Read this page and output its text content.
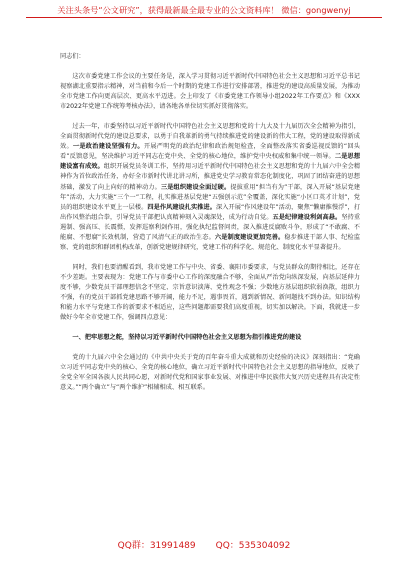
关注头条号“公文研究”，获得最新最全最专业的公文资料库！ 微信：gongwenyj

同志们：

这次市委党建工作会议的主要任务是，深入学习贯彻习近平新时代中国特色社会主义思想和习近平总书记视察湖北重要指示精神，对当前和今后一个时期的党建工作进行安排部署，推进党的建设高质量发展，为推动全市党建工作向更高层次、更高水平迈进。会上印发了《市委党建工作领导小组2022年工作要点》和《XXX市2022年党建工作统筹考核办法》，请各地各单位切实抓好贯彻落实。

过去一年，市委坚持以习近平新时代中国特色社会主义思想和党的十九大及十九届历次全会精神为指引，全面贯彻新时代党的建设总要求，以勇于自我革新的勇气持续推进党的建设新的伟大工程，党的建设取得新成效。一是政治建设坚强有力。开展严明党的政治纪律和政治规矩检查，全面整改落实省委巡视反馈的“回头看”反馈意见，坚决维护习近平同志在党中央、全党的核心地位，维护党中央权威和集中统一领导。二是思想建设富有成效。组织开展党员冬训工作，坚持用习近平新时代中国特色社会主义思想和党的十九届六中全会精神作为首位政治任务，办好全市新时代讲北讲习所，推进党史学习教育常态化制度化，巩固了团结奋进的思想基础，激发了向上向好的精神动力。三是组织建设全面过硬。提拔重用“担当有为”干部，深入开展“基层党建年”活动，大力实施“三个一”工程，扎实推进基层党建“五强创示范”全覆盖，深化实施“小区口英才计划”，党员的组织建设水平更上一层楼。四是作风建设扎实推进。深入开展“作风建设年”活动，聚焦“懒庸推慢浮”，打出作风整治组合拳，引导党员干部把认真精神刻入灵魂深处，成为行动自觉。五是纪律建设利剑高悬。坚持重遏制、强高压、长震慑，发挥巡察利剑作用，强化执纪监督问责，深入推进反腐败斗争，形成了“不敢腐、不能腐、不想腐”长效机制，营造了风清气正的政治生态。六是制度建设更加完善。稳步推进干部人事、纪检监察、党的组织和群团机构改革，创新党建规律研究，党建工作的科学化、规范化、制度化水平显著提升。

同时，我们也要清醒看到，我市党建工作与中央、省委、襄阳市委要求，与党员群众的期待相比，还存在不少差距。主要表现为：党建工作与市委中心工作的深度融合不够，全面从严治党向纵深发展，向基层延伸力度不够，少数党员干部理想信念不坚定、宗旨意识淡薄、党性观念不强；少数地方基层组织软弱涣散，组织力不强，有的党员干部抓党建思路不够开阔，能力不足，遇事畏首，遇到新情况、新问题找不到办法。知识结构和能力水平与党建工作的新要求不相适应，这些问题都需要我们高度重视，切实加以解决。下面，我就进一步做好今年全市党建工作，强调四点意见：

一、把牢思想之舵，坚持以习近平新时代中国特色社会主义思想为指引推进党的建设

党的十九届六中全会通过的《中共中央关于党的百年奋斗重大成就和历史经验的决议》深刻指出：“党确立习近平同志党中央的核心、全党的核心地位，确立习近平新时代中国特色社会主义思想的指导地位，反映了全党全军全国各族人民共同心愿，对新时代党和国家事业发展、对推进中华民族伟大复兴历史进程具有决定性意义。”“两个确立”与“两个维护”相辅相成、相互联系。

QQ群：31991489 QQ：535304092
